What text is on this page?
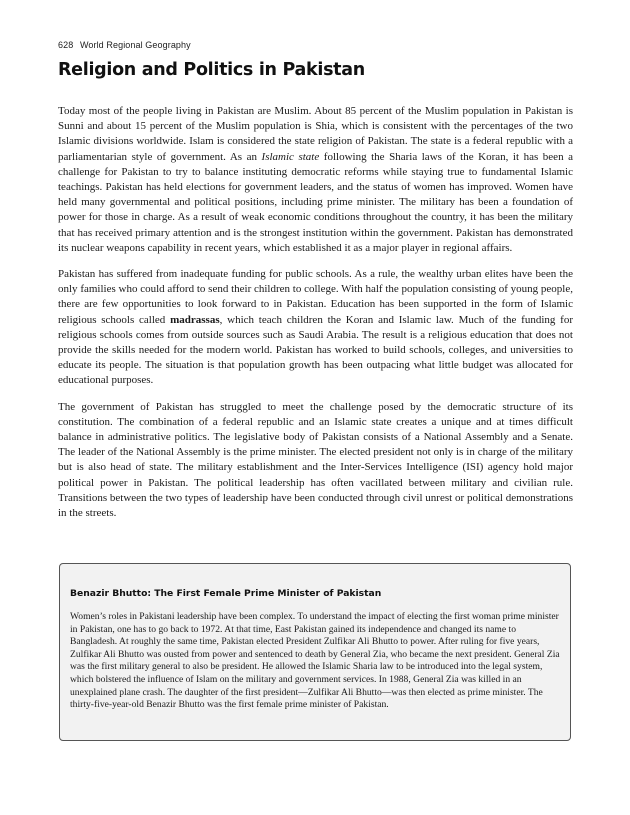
628 World Regional Geography
Religion and Politics in Pakistan

Today most of the people living in Pakistan are Muslim. About 85 percent of the Muslim population in Pakistan is Sunni and about 15 percent of the Muslim population is Shia, which is consistent with the percentages of the two Islamic divisions worldwide. Islam is considered the state religion of Pakistan. The state is a federal republic with a parliamentarian style of government. As an Islamic state following the Sharia laws of the Koran, it has been a challenge for Pakistan to try to balance instituting democratic reforms while staying true to fundamental Islamic teachings. Pakistan has held elections for government leaders, and the status of women has improved. Women have held many governmental and political positions, including prime minister. The military has been a foundation of power for those in charge. As a result of weak economic conditions throughout the country, it has been the military that has received primary attention and is the strongest institution within the government. Pakistan has demonstrated its nuclear weapons capability in recent years, which established it as a major player in regional affairs.

Pakistan has suffered from inadequate funding for public schools. As a rule, the wealthy urban elites have been the only families who could afford to send their children to college. With half the population consisting of young people, there are few opportunities to look forward to in Pakistan. Education has been supported in the form of Islamic religious schools called madrassas, which teach children the Koran and Islamic law. Much of the funding for religious schools comes from outside sources such as Saudi Arabia. The result is a religious education that does not provide the skills needed for the modern world. Pakistan has worked to build schools, colleges, and universities to educate its people. The situation is that population growth has been outpacing what little budget was allocated for educational purposes.

The government of Pakistan has struggled to meet the challenge posed by the democratic structure of its constitution. The combination of a federal republic and an Islamic state creates a unique and at times difficult balance in administrative politics. The legislative body of Pakistan consists of a National Assembly and a Senate. The leader of the National Assembly is the prime minister. The elected president not only is in charge of the military but is also head of state. The military establishment and the Inter-Services Intelligence (ISI) agency hold major political power in Pakistan. The political leadership has often vacillated between military and civilian rule. Transitions between the two types of leadership have been conducted through civil unrest or political demonstrations in the streets.

Benazir Bhutto: The First Female Prime Minister of Pakistan

Women’s roles in Pakistani leadership have been complex. To understand the impact of electing the first woman prime minister in Pakistan, one has to go back to 1972. At that time, East Pakistan gained its independence and changed its name to Bangladesh. At roughly the same time, Pakistan elected President Zulfikar Ali Bhutto to power. After ruling for five years, Zulfikar Ali Bhutto was ousted from power and sentenced to death by General Zia, who became the next president. General Zia was the first military general to also be president. He allowed the Islamic Sharia law to be introduced into the legal system, which bolstered the influence of Islam on the military and government services. In 1988, General Zia was killed in an unexplained plane crash. The daughter of the first president—Zulfikar Ali Bhutto—was then elected as prime minister. The thirty-five-year-old Benazir Bhutto was the first female prime minister of Pakistan.
